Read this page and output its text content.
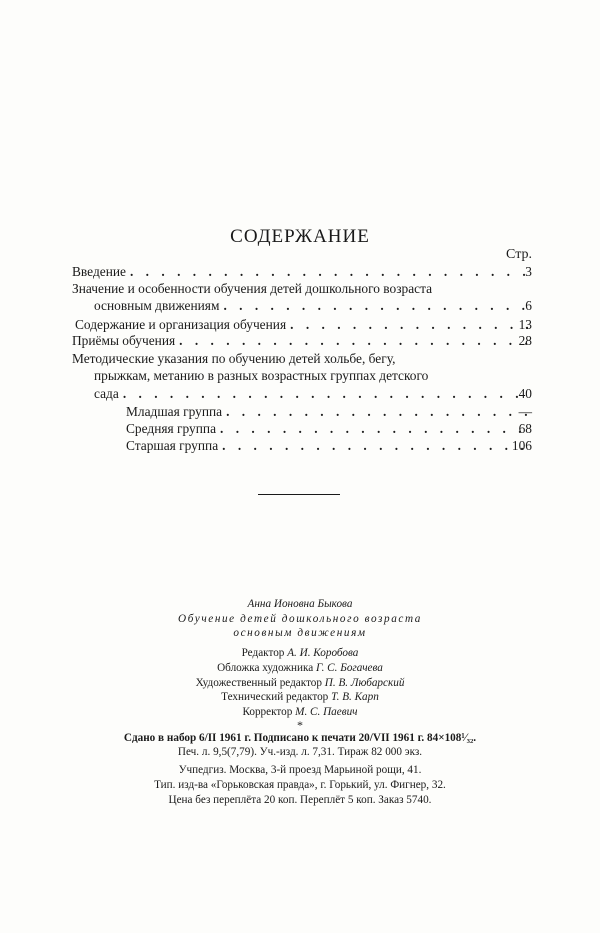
СОДЕРЖАНИЕ
Стр.
Введение . . .	3
Значение и особенности обучения детей дошкольного возраста
основным движениям . . .	6
Содержание и организация обучения . . .	13
Приёмы обучения . . .	28
Методические указания по обучению детей хольбе, бегу,
прыжкам, метанию в разных возрастных группах детского
сада . . .	40
Младшая группа . . .	—
Средняя группа . . .	68
Старшая группа . . .	106
Анна Ионовна Быкова
Обучение детей дошкольного возраста
основным движениям
Редактор А. И. Коробова
Обложка художника Г. С. Богачева
Художественный редактор П. В. Любарский
Технический редактор Т. В. Карп
Корректор М. С. Паевич
*
Сдано в набор 6/II 1961 г. Подписано к печати 20/VII 1961 г. 84×108¹⁄₃₂.
Печ. л. 9,5(7,79). Уч.-изд. л. 7,31. Тираж 82 000 экз.
Учпедгиз. Москва, 3-й проезд Марьиной рощи, 41.
Тип. изд-ва «Горьковская правда», г. Горький, ул. Фигнер, 32.
Цена без переплёта 20 коп. Переплёт 5 коп. Заказ 5740.
